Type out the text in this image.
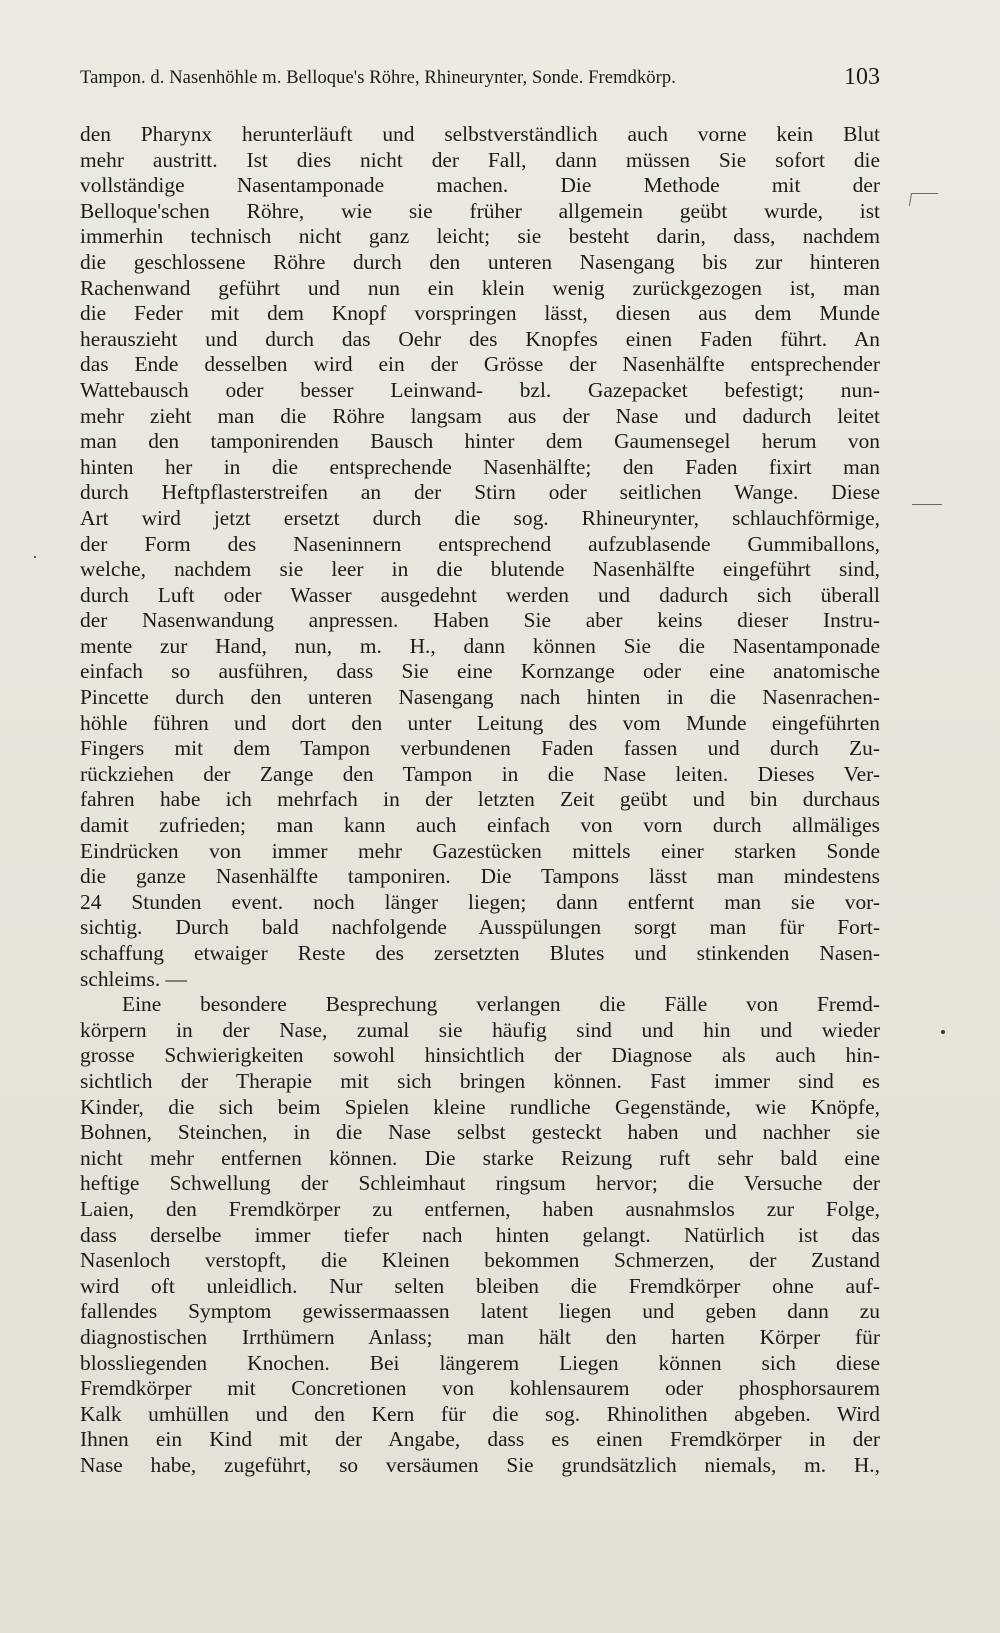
Tampon. d. Nasenhöhle m. Belloque's Röhre, Rhineurynter, Sonde. Fremdkörp.	103
den Pharynx herunterläuft und selbstverständlich auch vorne kein Blut
mehr austritt. Ist dies nicht der Fall, dann müssen Sie sofort die
vollständige Nasentamponade machen. Die Methode mit der
Belloque'schen Röhre, wie sie früher allgemein geübt wurde, ist
immerhin technisch nicht ganz leicht; sie besteht darin, dass, nachdem
die geschlossene Röhre durch den unteren Nasengang bis zur hinteren
Rachenwand geführt und nun ein klein wenig zurückgezogen ist, man
die Feder mit dem Knopf vorspringen lässt, diesen aus dem Munde
herauszieht und durch das Oehr des Knopfes einen Faden führt. An
das Ende desselben wird ein der Grösse der Nasenhälfte entsprechender
Wattebausch oder besser Leinwand- bzl. Gazepacket befestigt; nun-
mehr zieht man die Röhre langsam aus der Nase und dadurch leitet
man den tamponirenden Bausch hinter dem Gaumensegel herum von
hinten her in die entsprechende Nasenhälfte; den Faden fixirt man
durch Heftpflasterstreifen an der Stirn oder seitlichen Wange. Diese
Art wird jetzt ersetzt durch die sog. Rhineurynter, schlauchförmige,
der Form des Naseninnern entsprechend aufzublasende Gummiballons,
welche, nachdem sie leer in die blutende Nasenhälfte eingeführt sind,
durch Luft oder Wasser ausgedehnt werden und dadurch sich überall
der Nasenwandung anpressen. Haben Sie aber keins dieser Instru-
mente zur Hand, nun, m. H., dann können Sie die Nasentamponade
einfach so ausführen, dass Sie eine Kornzange oder eine anatomische
Pincette durch den unteren Nasengang nach hinten in die Nasenrachen-
höhle führen und dort den unter Leitung des vom Munde eingeführten
Fingers mit dem Tampon verbundenen Faden fassen und durch Zu-
rückziehen der Zange den Tampon in die Nase leiten. Dieses Ver-
fahren habe ich mehrfach in der letzten Zeit geübt und bin durchaus
damit zufrieden; man kann auch einfach von vorn durch allmäliges
Eindrücken von immer mehr Gazestücken mittels einer starken Sonde
die ganze Nasenhälfte tamponiren. Die Tampons lässt man mindestens
24 Stunden event. noch länger liegen; dann entfernt man sie vor-
sichtig. Durch bald nachfolgende Ausspülungen sorgt man für Fort-
schaffung etwaiger Reste des zersetzten Blutes und stinkenden Nasen-
schleims. —
Eine besondere Besprechung verlangen die Fälle von Fremd-
körpern in der Nase, zumal sie häufig sind und hin und wieder
grosse Schwierigkeiten sowohl hinsichtlich der Diagnose als auch hin-
sichtlich der Therapie mit sich bringen können. Fast immer sind es
Kinder, die sich beim Spielen kleine rundliche Gegenstände, wie Knöpfe,
Bohnen, Steinchen, in die Nase selbst gesteckt haben und nachher sie
nicht mehr entfernen können. Die starke Reizung ruft sehr bald eine
heftige Schwellung der Schleimhaut ringsum hervor; die Versuche der
Laien, den Fremdkörper zu entfernen, haben ausnahmslos zur Folge,
dass derselbe immer tiefer nach hinten gelangt. Natürlich ist das
Nasenloch verstopft, die Kleinen bekommen Schmerzen, der Zustand
wird oft unleidlich. Nur selten bleiben die Fremdkörper ohne auf-
fallendes Symptom gewissermaassen latent liegen und geben dann zu
diagnostischen Irrthümern Anlass; man hält den harten Körper für
blossliegenden Knochen. Bei längerem Liegen können sich diese
Fremdkörper mit Concretionen von kohlensaurem oder phosphorsaurem
Kalk umhüllen und den Kern für die sog. Rhinolithen abgeben. Wird
Ihnen ein Kind mit der Angabe, dass es einen Fremdkörper in der
Nase habe, zugeführt, so versäumen Sie grundsätzlich niemals, m. H.,
